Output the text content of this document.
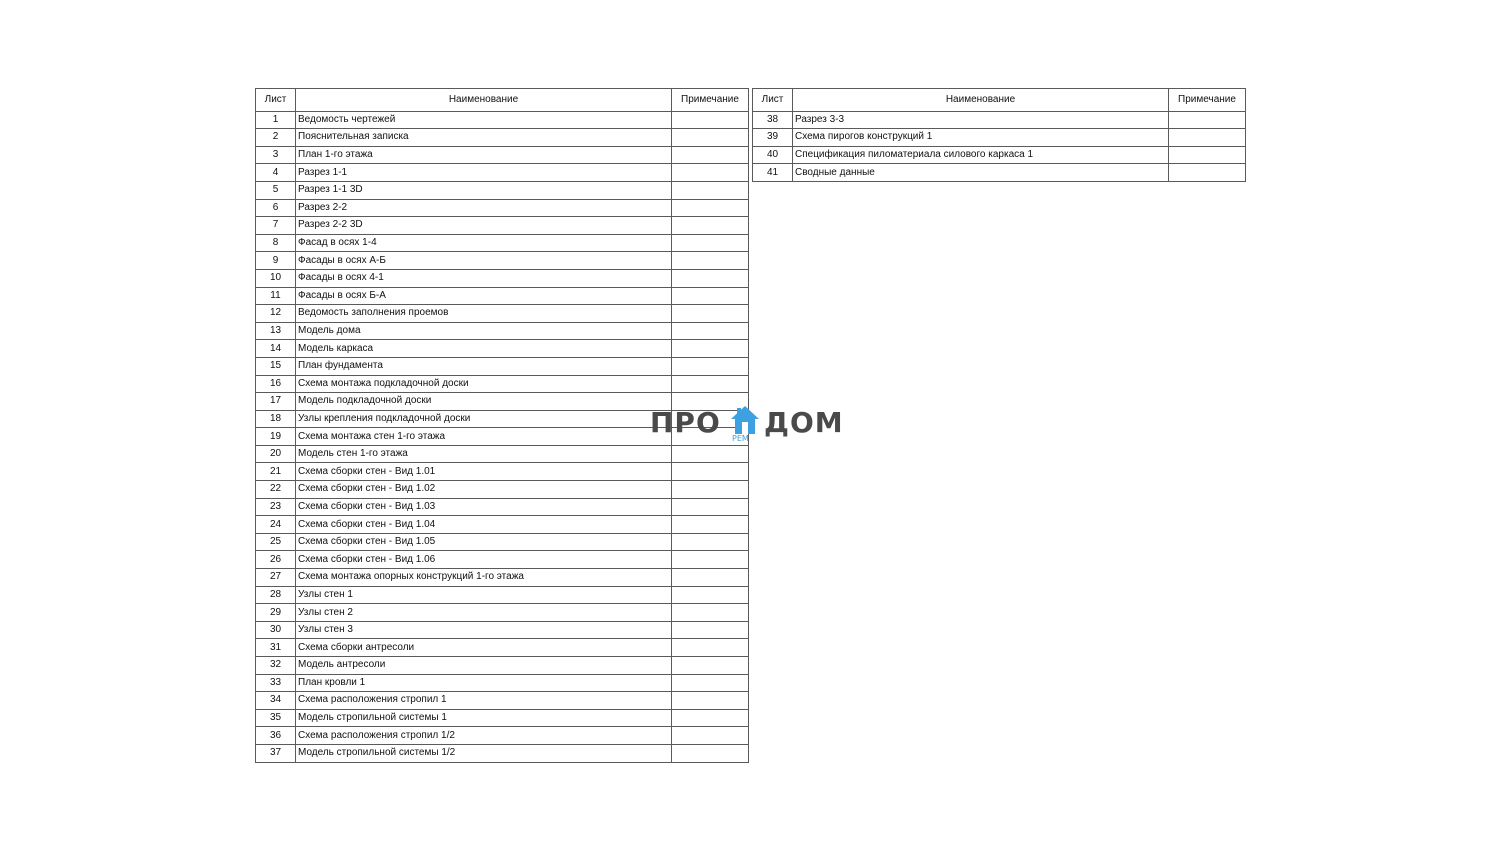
Лист	Наименование	Примечание
1	Ведомость чертежей	
2	Пояснительная записка	
3	План 1-го этажа	
4	Разрез 1-1	
5	Разрез 1-1 3D	
6	Разрез 2-2	
7	Разрез 2-2 3D	
8	Фасад в осях 1-4	
9	Фасады в осях А-Б	
10	Фасады в осях 4-1	
11	Фасады в осях Б-А	
12	Ведомость заполнения проемов	
13	Модель дома	
14	Модель каркаса	
15	План фундамента	
16	Схема монтажа подкладочной доски	
17	Модель подкладочной доски	
18	Узлы крепления подкладочной доски	
19	Схема монтажа стен 1-го этажа	
20	Модель стен 1-го этажа	
21	Схема сборки стен - Вид 1.01	
22	Схема сборки стен - Вид 1.02	
23	Схема сборки стен - Вид 1.03	
24	Схема сборки стен - Вид 1.04	
25	Схема сборки стен - Вид 1.05	
26	Схема сборки стен - Вид 1.06	
27	Схема монтажа опорных конструкций 1-го этажа	
28	Узлы стен 1	
29	Узлы стен 2	
30	Узлы стен 3	
31	Схема сборки антресоли	
32	Модель антресоли	
33	План кровли 1	
34	Схема расположения стропил 1	
35	Модель стропильной системы 1	
36	Схема расположения стропил 1/2	
37	Модель стропильной системы 1/2	
Лист	Наименование	Примечание
38	Разрез 3-3	
39	Схема пирогов конструкций 1	
40	Спецификация пиломатериала силового каркаса 1	
41	Сводные данные	
ПРО РЕМ ДОМ
